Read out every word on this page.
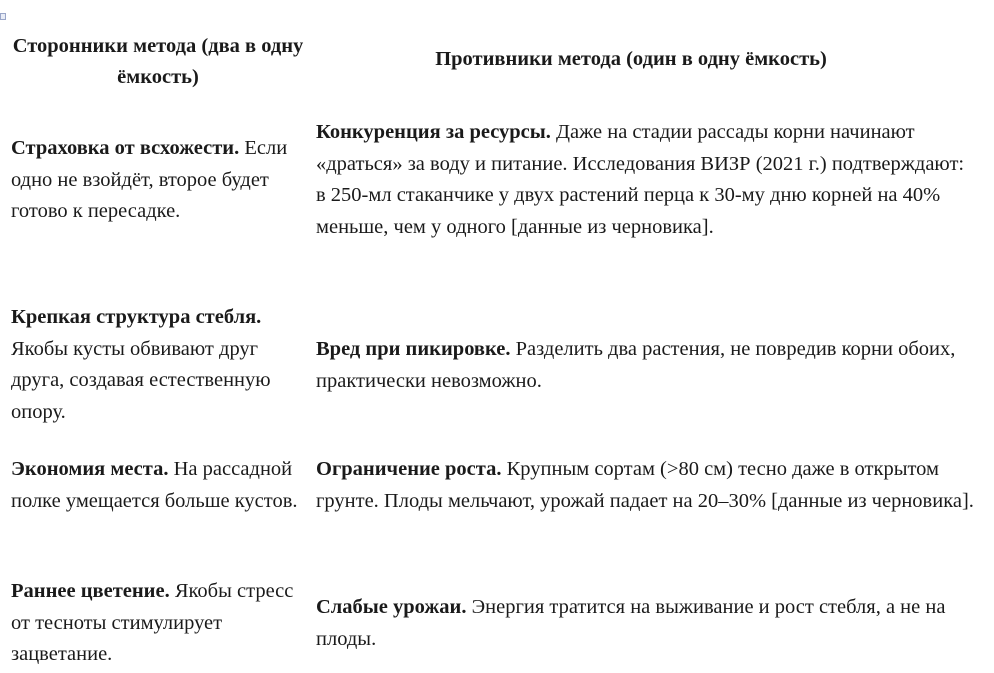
Сторонники метода (два в одну ёмкость)
Противники метода (один в одну ёмкость)
Страховка от всхожести. Если одно не взойдёт, второе будет готово к пересадке.
Конкуренция за ресурсы. Даже на стадии рассады корни начинают «драться» за воду и питание. Исследования ВИЗР (2021 г.) подтверждают: в 250-мл стаканчике у двух растений перца к 30-му дню корней на 40% меньше, чем у одного [данные из черновика].
Крепкая структура стебля. Якобы кусты обвивают друг друга, создавая естественную опору.
Вред при пикировке. Разделить два растения, не повредив корни обоих, практически невозможно.
Экономия места. На рассадной полке умещается больше кустов.
Ограничение роста. Крупным сортам (>80 см) тесно даже в открытом грунте. Плоды мельчают, урожай падает на 20–30% [данные из черновика].
Раннее цветение. Якобы стресс от тесноты стимулирует зацветание.
Слабые урожаи. Энергия тратится на выживание и рост стебля, а не на плоды.
